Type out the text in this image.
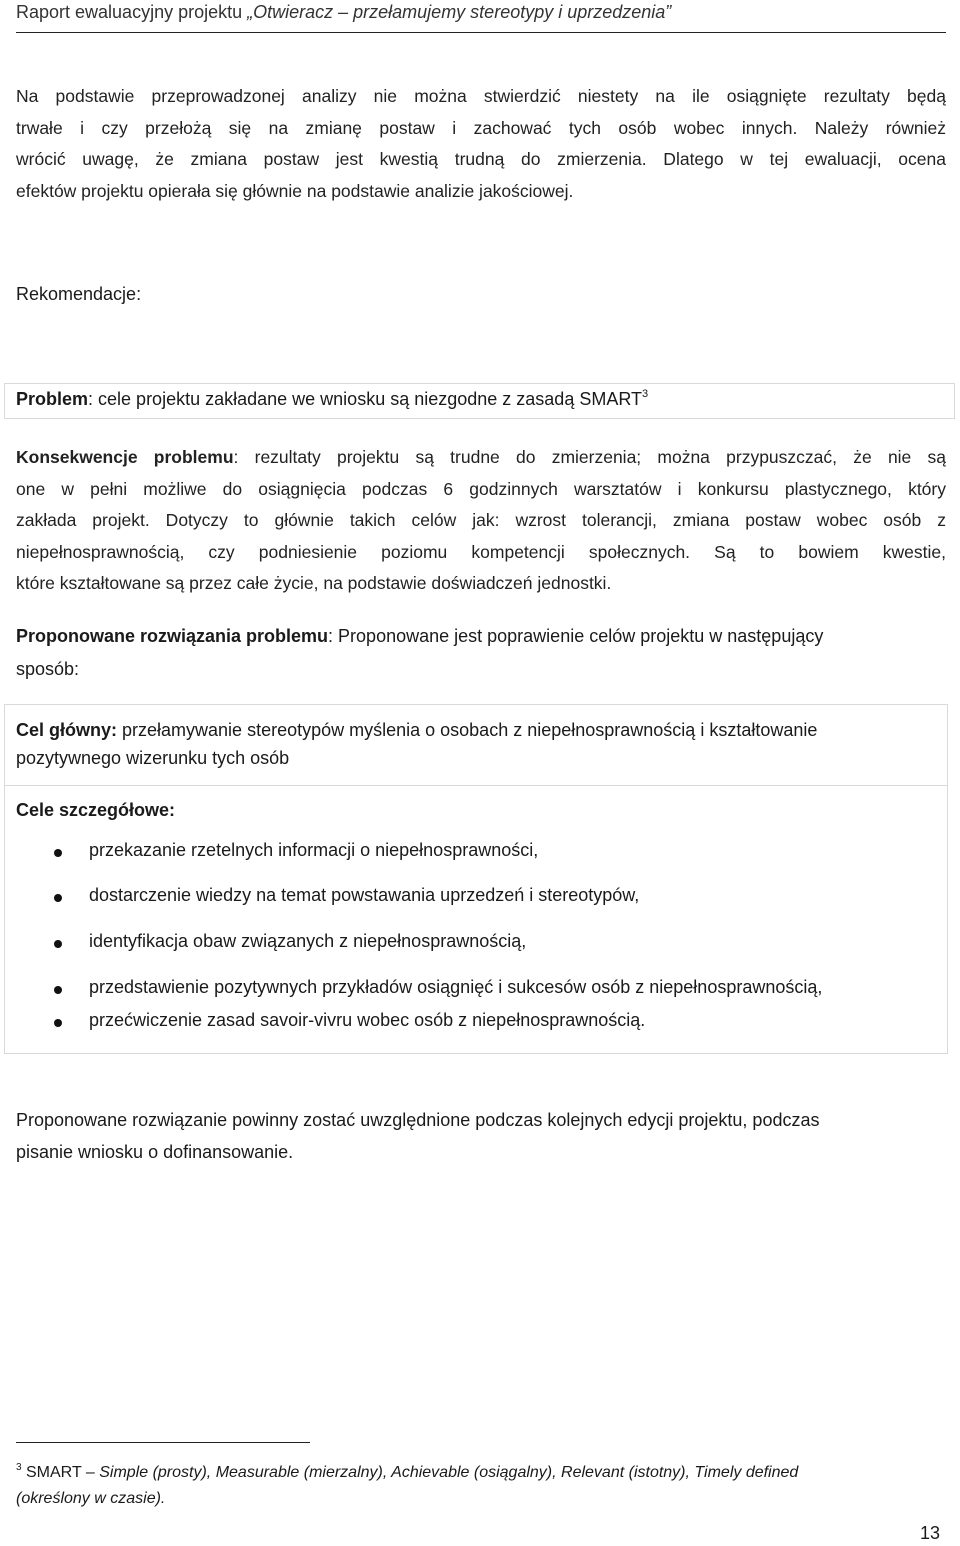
Raport ewaluacyjny projektu „Otwieracz – przełamujemy stereotypy i uprzedzenia”
Na podstawie przeprowadzonej analizy nie można stwierdzić niestety na ile osiągnięte rezultaty będą
trwałe i czy przełożą się na zmianę postaw i zachować tych osób wobec innych. Należy również
wrócić uwagę, że zmiana postaw jest kwestią trudną do zmierzenia. Dlatego w tej ewaluacji, ocena
efektów projektu opierała się głównie na podstawie analizie jakościowej.
Rekomendacje:
Problem: cele projektu zakładane we wniosku są niezgodne z zasadą SMART$^3$
Konsekwencje problemu: rezultaty projektu są trudne do zmierzenia; można przypuszczać, że nie są
one w pełni możliwe do osiągnięcia podczas 6 godzinnych warsztatów i konkursu plastycznego, który
zakłada projekt. Dotyczy to głównie takich celów jak: wzrost tolerancji, zmiana postaw wobec osób z
niepełnosprawnością, czy podniesienie poziomu kompetencji społecznych. Są to bowiem kwestie,
które kształtowane są przez całe życie, na podstawie doświadczeń jednostki.
Proponowane rozwiązania problemu: Proponowane jest poprawienie celów projektu w następujący
sposób:
Cel główny: przełamywanie stereotypów myślenia o osobach z niepełnosprawnością i kształtowanie
pozytywnego wizerunku tych osób
Cele szczegółowe:
przekazanie rzetelnych informacji o niepełnosprawności,
dostarczenie wiedzy na temat powstawania uprzedzeń i stereotypów,
identyfikacja obaw związanych z niepełnosprawnością,
przedstawienie pozytywnych przykładów osiągnięć i sukcesów osób z niepełnosprawnością,
przećwiczenie zasad savoir-vivru wobec osób z niepełnosprawnością.
Proponowane rozwiązanie powinny zostać uwzględnione podczas kolejnych edycji projektu, podczas
pisanie wniosku o dofinansowanie.
$^3$ SMART – Simple (prosty), Measurable (mierzalny), Achievable (osiągalny), Relevant (istotny), Timely defined
(określony w czasie).
13
